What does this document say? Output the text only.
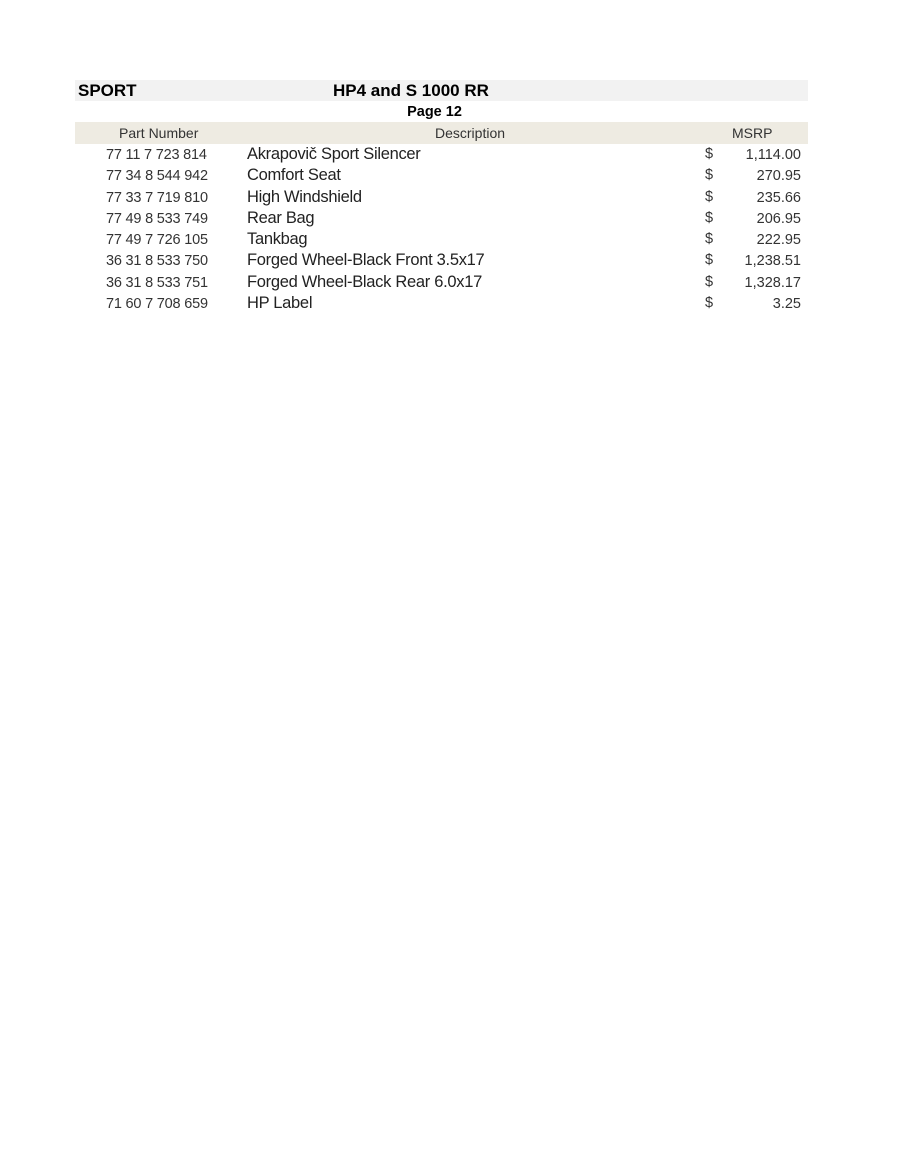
SPORT	HP4 and S 1000 RR
Page 12
Part Number	Description	MSRP
77 11 7 723 814 Akrapovič Sport Silencer	$ 1,114.00
77 34 8 544 942 Comfort Seat	$	270.95
77 33 7 719 810 High Windshield	$	235.66
77 49 8 533 749 Rear Bag	$	206.95
77 49 7 726 105 Tankbag	$	222.95
36 31 8 533 750 Forged Wheel-Black Front 3.5x17	$ 1,238.51
36 31 8 533 751 Forged Wheel-Black Rear 6.0x17	$ 1,328.17
71 60 7 708 659 HP Label	$	3.25
